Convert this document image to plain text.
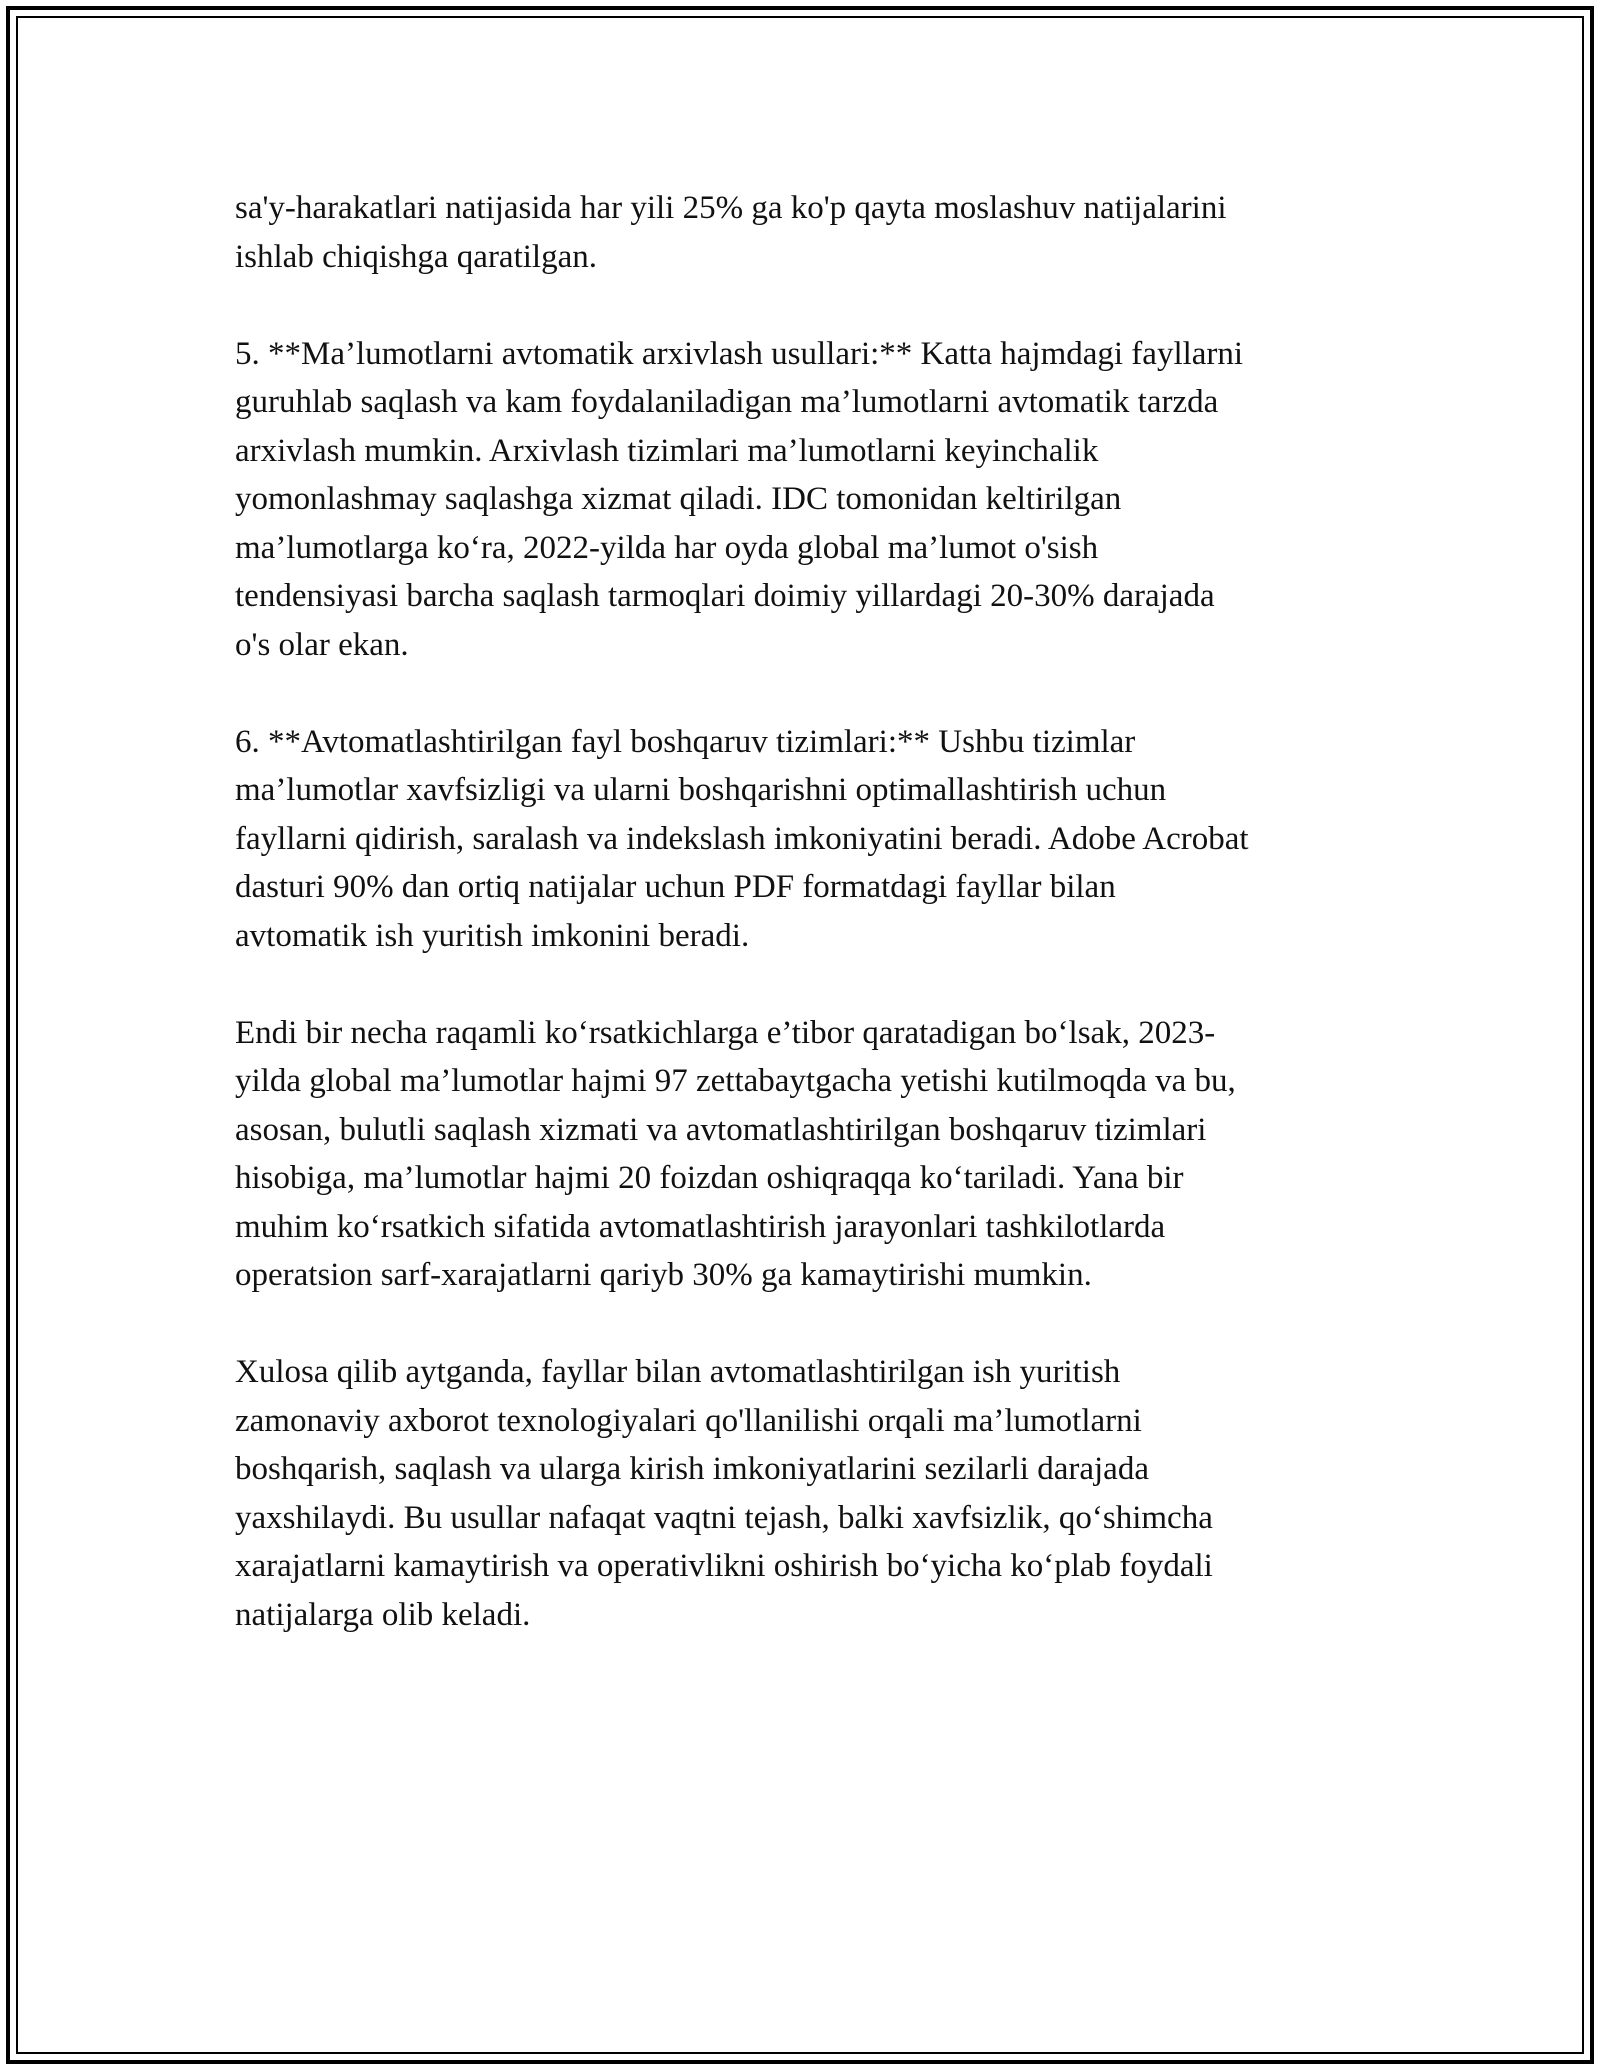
sa'y-harakatlari natijasida har yili 25% ga ko'p qayta moslashuv natijalarini
ishlab chiqishga qaratilgan.

5. **Ma’lumotlarni avtomatik arxivlash usullari:** Katta hajmdagi fayllarni
guruhlab saqlash va kam foydalaniladigan ma’lumotlarni avtomatik tarzda
arxivlash mumkin. Arxivlash tizimlari ma’lumotlarni keyinchalik
yomonlashmay saqlashga xizmat qiladi. IDC tomonidan keltirilgan
ma’lumotlarga ko‘ra, 2022-yilda har oyda global ma’lumot o'sish
tendensiyasi barcha saqlash tarmoqlari doimiy yillardagi 20-30% darajada
o's olar ekan.

6. **Avtomatlashtirilgan fayl boshqaruv tizimlari:** Ushbu tizimlar
ma’lumotlar xavfsizligi va ularni boshqarishni optimallashtirish uchun
fayllarni qidirish, saralash va indekslash imkoniyatini beradi. Adobe Acrobat
dasturi 90% dan ortiq natijalar uchun PDF formatdagi fayllar bilan
avtomatik ish yuritish imkonini beradi.

Endi bir necha raqamli ko‘rsatkichlarga e’tibor qaratadigan bo‘lsak, 2023-
yilda global ma’lumotlar hajmi 97 zettabaytgacha yetishi kutilmoqda va bu,
asosan, bulutli saqlash xizmati va avtomatlashtirilgan boshqaruv tizimlari
hisobiga, ma’lumotlar hajmi 20 foizdan oshiqraqqa ko‘tariladi. Yana bir
muhim ko‘rsatkich sifatida avtomatlashtirish jarayonlari tashkilotlarda
operatsion sarf-xarajatlarni qariyb 30% ga kamaytirishi mumkin.

Xulosa qilib aytganda, fayllar bilan avtomatlashtirilgan ish yuritish
zamonaviy axborot texnologiyalari qo'llanilishi orqali ma’lumotlarni
boshqarish, saqlash va ularga kirish imkoniyatlarini sezilarli darajada
yaxshilaydi. Bu usullar nafaqat vaqtni tejash, balki xavfsizlik, qo‘shimcha
xarajatlarni kamaytirish va operativlikni oshirish bo‘yicha ko‘plab foydali
natijalarga olib keladi.
